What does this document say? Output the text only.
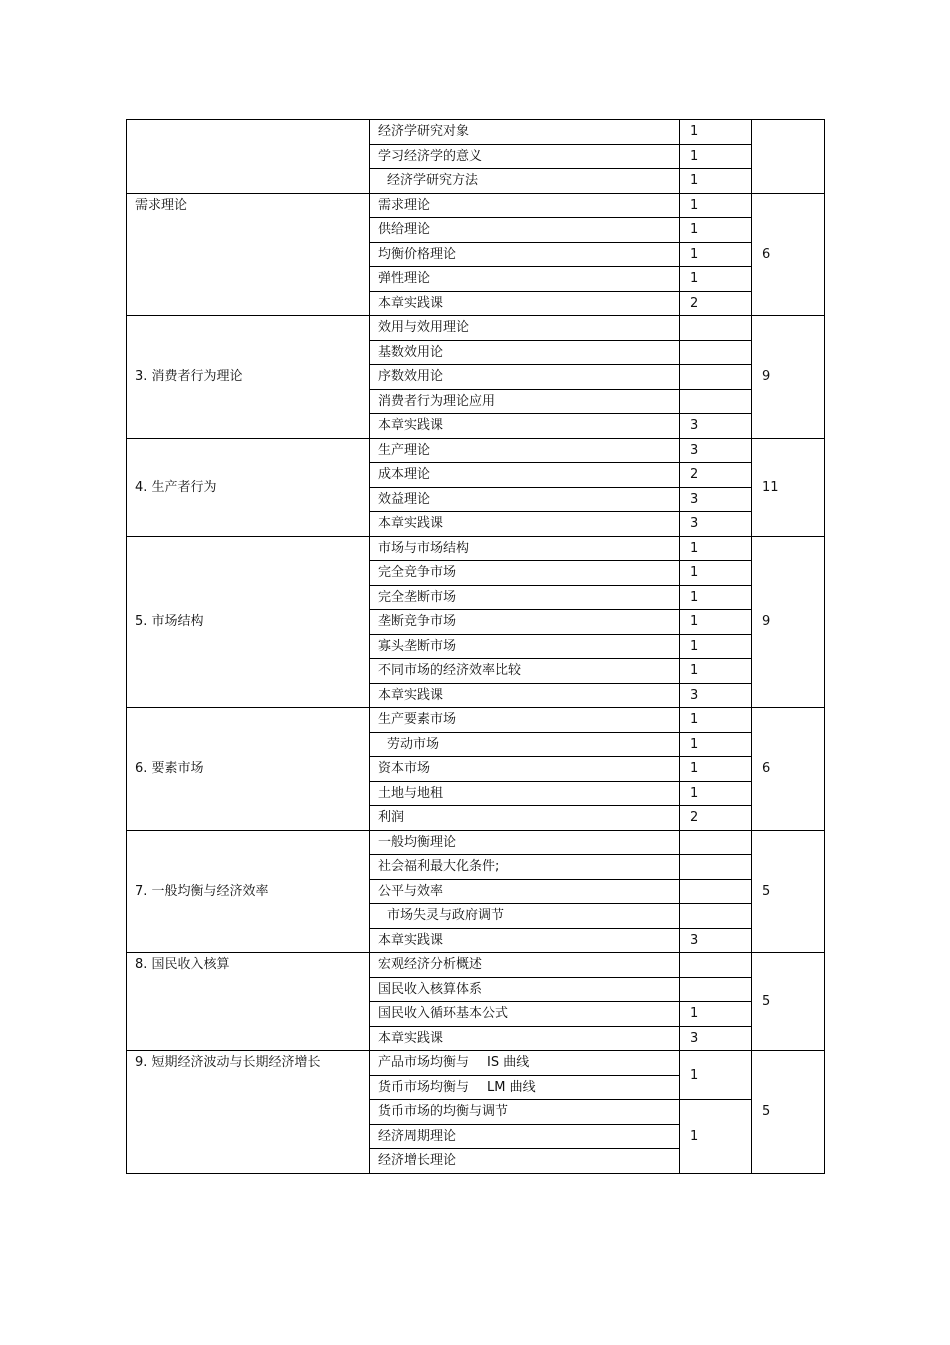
	经济学研究对象	1	
	学习经济学的意义	1	
	经济学研究方法	1	
需求理论	需求理论	1	6
	供给理论	1	
	均衡价格理论	1	
	弹性理论	1	
	本章实践课	2	
3. 消费者行为理论	效用与效用理论		9
	基数效用论		
	序数效用论		
	消费者行为理论应用		
	本章实践课	3	
4. 生产者行为	生产理论	3	11
	成本理论	2	
	效益理论	3	
	本章实践课	3	
5. 市场结构	市场与市场结构	1	9
	完全竞争市场	1	
	完全垄断市场	1	
	垄断竞争市场	1	
	寡头垄断市场	1	
	不同市场的经济效率比较	1	
	本章实践课	3	
6. 要素市场	生产要素市场	1	6
	劳动市场	1	
	资本市场	1	
	土地与地租	1	
	利润	2	
7. 一般均衡与经济效率	一般均衡理论		5
	社会福利最大化条件;		
	公平与效率		
	市场失灵与政府调节		
	本章实践课	3	
8. 国民收入核算	宏观经济分析概述		5
	国民收入核算体系		
	国民收入循环基本公式	1	
	本章实践课	3	
9. 短期经济波动与长期经济增长	产品市场均衡与 IS 曲线	1	5
	货币市场均衡与 LM 曲线		
	货币市场的均衡与调节	1	
	经济周期理论		
	经济增长理论		
